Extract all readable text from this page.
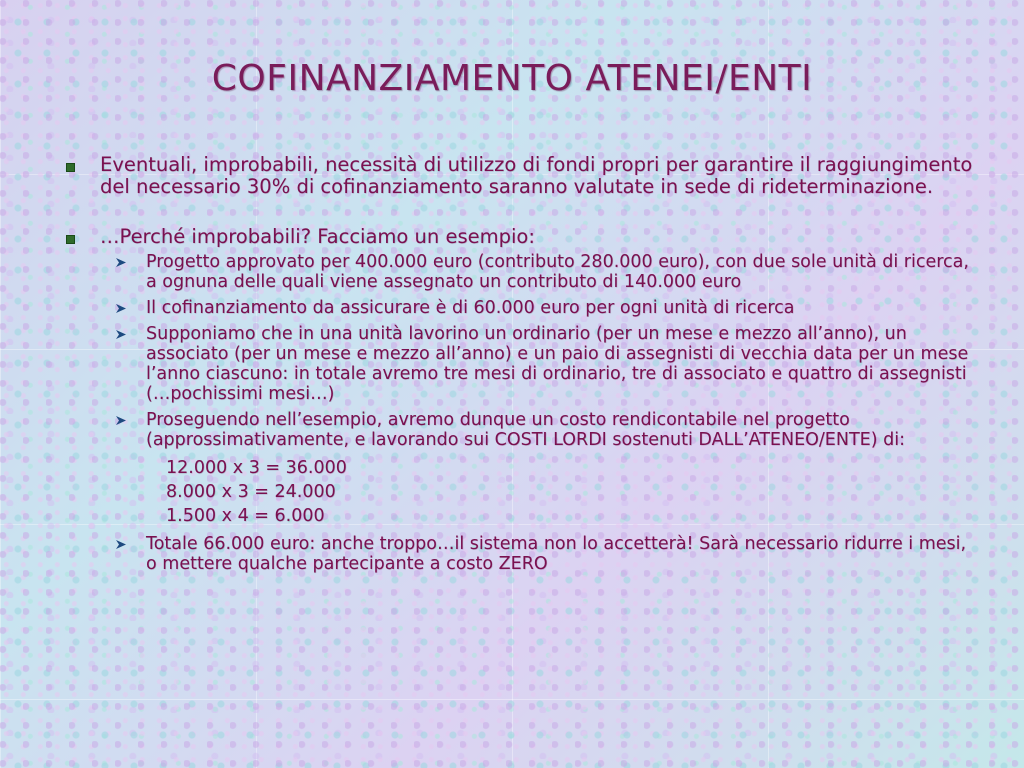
COFINANZIAMENTO ATENEI/ENTI
Eventuali, improbabili, necessità di utilizzo di fondi propri per garantire il raggiungimento del necessario 30% di cofinanziamento saranno valutate in sede di rideterminazione.
…Perché improbabili? Facciamo un esempio:
Progetto approvato per 400.000 euro (contributo 280.000 euro), con due sole unità di ricerca, a ognuna delle quali viene assegnato un contributo di 140.000 euro
Il cofinanziamento da assicurare è di 60.000 euro per ogni unità di ricerca
Supponiamo che in una unità lavorino un ordinario (per un mese e mezzo all’anno), un associato (per un mese e mezzo all’anno) e un paio di assegnisti di vecchia data per un mese l’anno ciascuno: in totale avremo tre mesi di ordinario, tre di associato e quattro di assegnisti (…pochissimi mesi…)
Proseguendo nell’esempio, avremo dunque un costo rendicontabile nel progetto (approssimativamente, e lavorando sui COSTI LORDI sostenuti DALL’ATENEO/ENTE) di:
12.000 x 3 = 36.000
8.000 x 3 = 24.000
1.500 x 4 = 6.000
Totale 66.000 euro: anche troppo…il sistema non lo accetterà! Sarà necessario ridurre i mesi, o mettere qualche partecipante a costo ZERO
